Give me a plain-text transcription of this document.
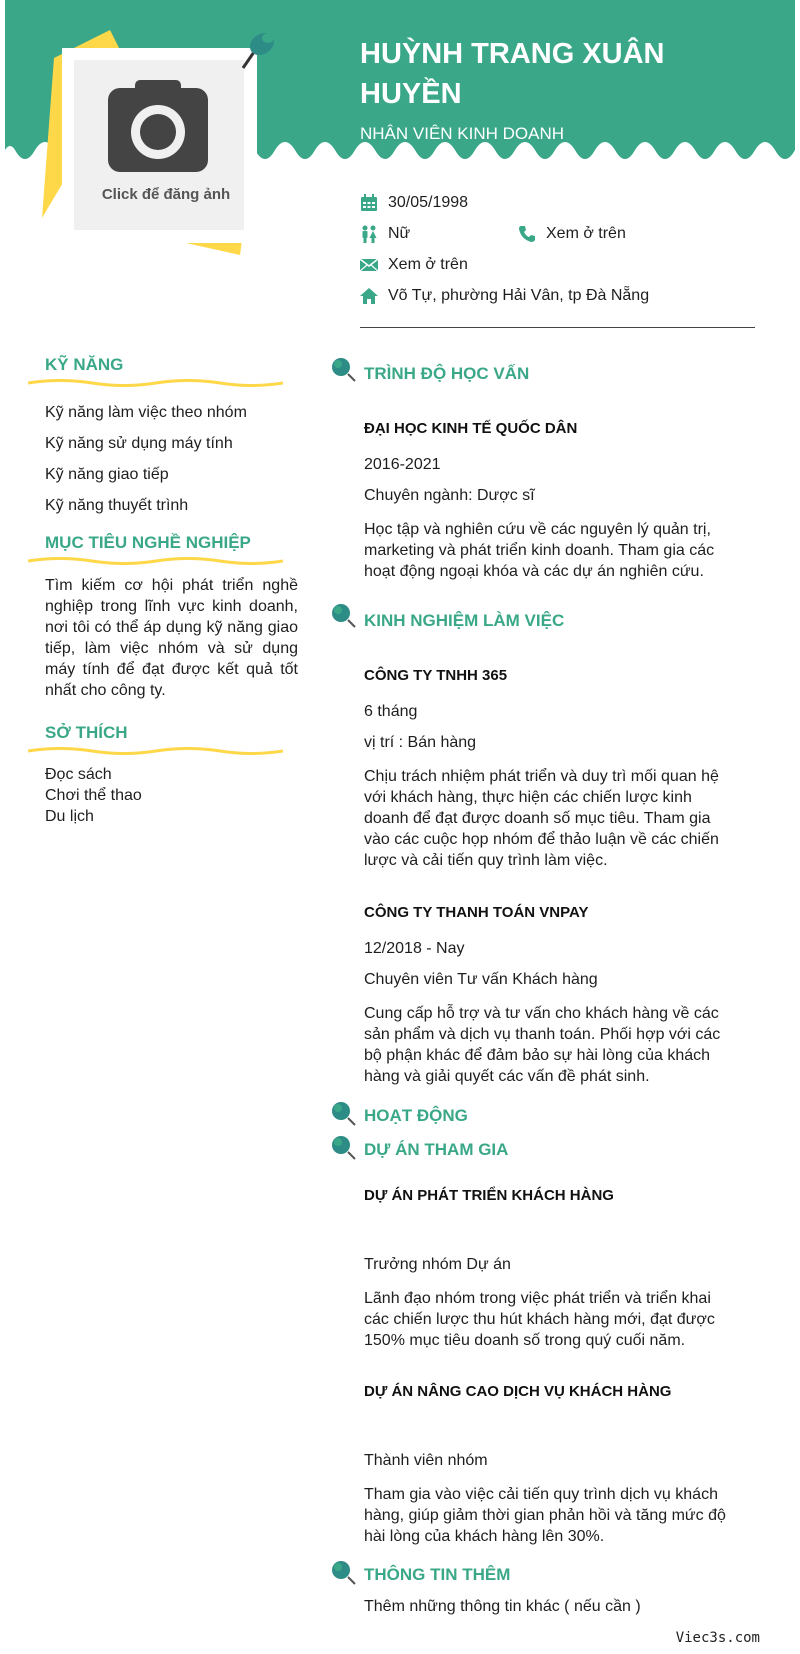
HUỲNH TRANG XUÂN HUYỀN
NHÂN VIÊN KINH DOANH
Click để đăng ảnh	30/05/1998
Nữ	Xem ở trên
Xem ở trên
Võ Tự, phường Hải Vân, tp Đà Nẵng
KỸ NĂNG
Kỹ năng làm việc theo nhóm
Kỹ năng sử dụng máy tính
Kỹ năng giao tiếp
Kỹ năng thuyết trình
MỤC TIÊU NGHỀ NGHIỆP
Tìm kiếm cơ hội phát triển nghề nghiệp trong lĩnh vực kinh doanh, nơi tôi có thể áp dụng kỹ năng giao tiếp, làm việc nhóm và sử dụng máy tính để đạt được kết quả tốt nhất cho công ty.
SỞ THÍCH
Đọc sách
Chơi thể thao
Du lịch
TRÌNH ĐỘ HỌC VẤN
ĐẠI HỌC KINH TẾ QUỐC DÂN
2016-2021
Chuyên ngành: Dược sĩ
Học tập và nghiên cứu về các nguyên lý quản trị, marketing và phát triển kinh doanh. Tham gia các hoạt động ngoại khóa và các dự án nghiên cứu.
KINH NGHIỆM LÀM VIỆC
CÔNG TY TNHH 365
6 tháng
vị trí : Bán hàng
Chịu trách nhiệm phát triển và duy trì mối quan hệ với khách hàng, thực hiện các chiến lược kinh doanh để đạt được doanh số mục tiêu. Tham gia vào các cuộc họp nhóm để thảo luận về các chiến lược và cải tiến quy trình làm việc.
CÔNG TY THANH TOÁN VNPAY
12/2018 - Nay
Chuyên viên Tư vấn Khách hàng
Cung cấp hỗ trợ và tư vấn cho khách hàng về các sản phẩm và dịch vụ thanh toán. Phối hợp với các bộ phận khác để đảm bảo sự hài lòng của khách hàng và giải quyết các vấn đề phát sinh.
HOẠT ĐỘNG
DỰ ÁN THAM GIA
DỰ ÁN PHÁT TRIỂN KHÁCH HÀNG
Trưởng nhóm Dự án
Lãnh đạo nhóm trong việc phát triển và triển khai các chiến lược thu hút khách hàng mới, đạt được 150% mục tiêu doanh số trong quý cuối năm.
DỰ ÁN NÂNG CAO DỊCH VỤ KHÁCH HÀNG
Thành viên nhóm
Tham gia vào việc cải tiến quy trình dịch vụ khách hàng, giúp giảm thời gian phản hồi và tăng mức độ hài lòng của khách hàng lên 30%.
THÔNG TIN THÊM
Thêm những thông tin khác ( nếu cần )
Viec3s.com
